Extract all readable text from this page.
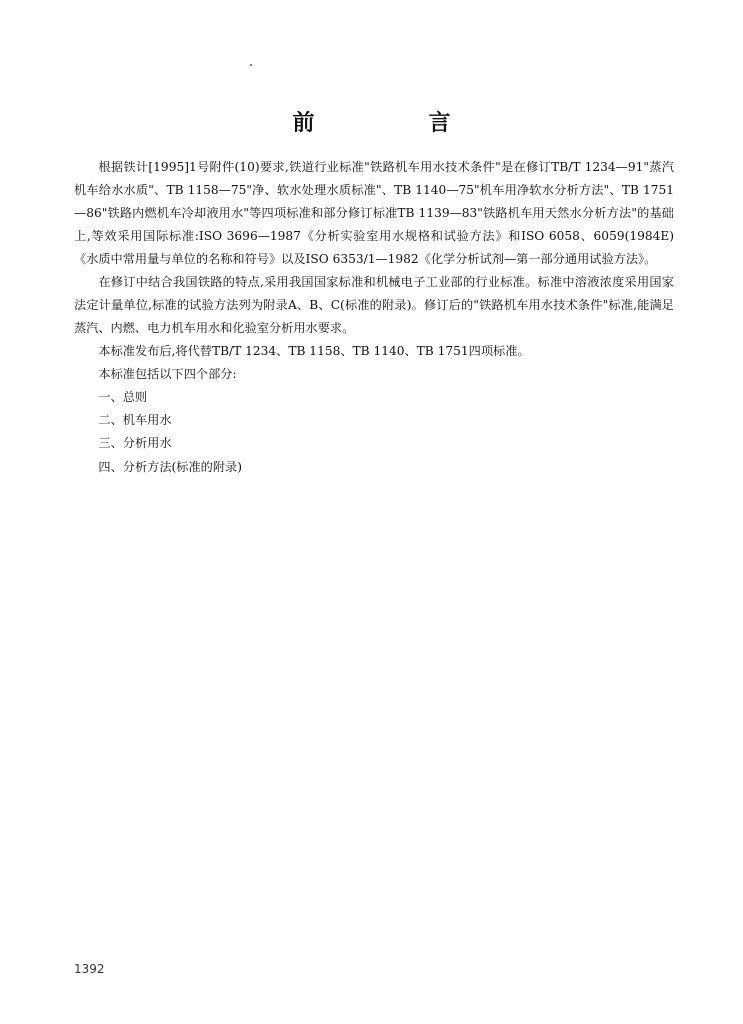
前　言

根据铁计[1995]1号附件(10)要求,铁道行业标准"铁路机车用水技术条件"是在修订TB/T 1234—91"蒸汽机车给水水质"、TB 1158—75"净、软水处理水质标准"、TB 1140—75"机车用净软水分析方法"、TB 1751—86"铁路内燃机车冷却液用水"等四项标准和部分修订标准TB 1139—83"铁路机车用天然水分析方法"的基础上,等效采用国际标准:ISO 3696—1987《分析实验室用水规格和试验方法》和ISO 6058、6059(1984E)《水质中常用量与单位的名称和符号》以及ISO 6353/1—1982《化学分析试剂—第一部分通用试验方法》。

在修订中结合我国铁路的特点,采用我国国家标准和机械电子工业部的行业标准。标准中溶液浓度采用国家法定计量单位,标准的试验方法列为附录A、B、C(标准的附录)。修订后的"铁路机车用水技术条件"标准,能满足蒸汽、内燃、电力机车用水和化验室分析用水要求。

本标准发布后,将代替TB/T 1234、TB 1158、TB 1140、TB 1751四项标准。

本标准包括以下四个部分:

一、总则
二、机车用水
三、分析用水
四、分析方法(标准的附录)
1392
